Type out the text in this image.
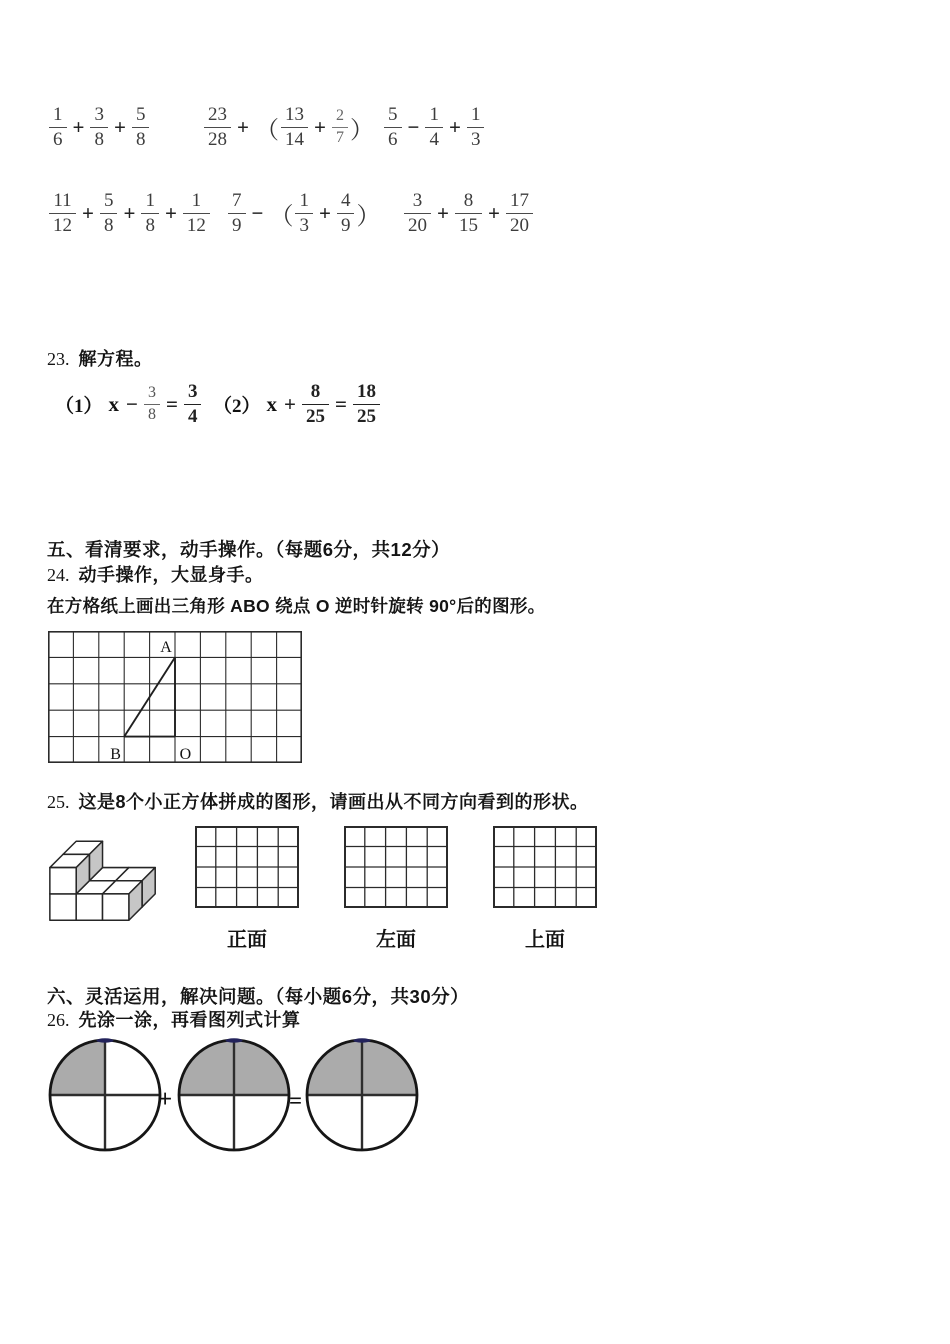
$\frac{1}{6} + \frac{3}{8} + \frac{5}{8}$	$\frac{23}{28}$ + （ $\frac{13}{14} + \frac{2}{7}$ ） $\frac{5}{6} - \frac{1}{4} + \frac{1}{3}$
$\frac{11}{12} + \frac{5}{8} + \frac{1}{8} + \frac{1}{12} \frac{7}{9}$ − （ $\frac{1}{3} + \frac{4}{9}$ ） $\frac{3}{20} + \frac{8}{15} + \frac{17}{20}$
23. 解方程。
（1） $x - \frac{3}{8} = \frac{3}{4} (2) x + \frac{8}{25} = \frac{18}{25}$
五、看清要求，动手操作。（每题6分，共12分）
24. 动手操作，大显身手。
在方格纸上画出三角形 ABO 绕点 O 逆时针旋转 90°后的图形。
A
B	O
25. 这是8个小正方体拼成的图形，请画出从不同方向看到的形状。
正面	左面	上面
六、灵活运用，解决问题。（每小题6分，共30分）
26. 先涂一涂，再看图列式计算
+	=
